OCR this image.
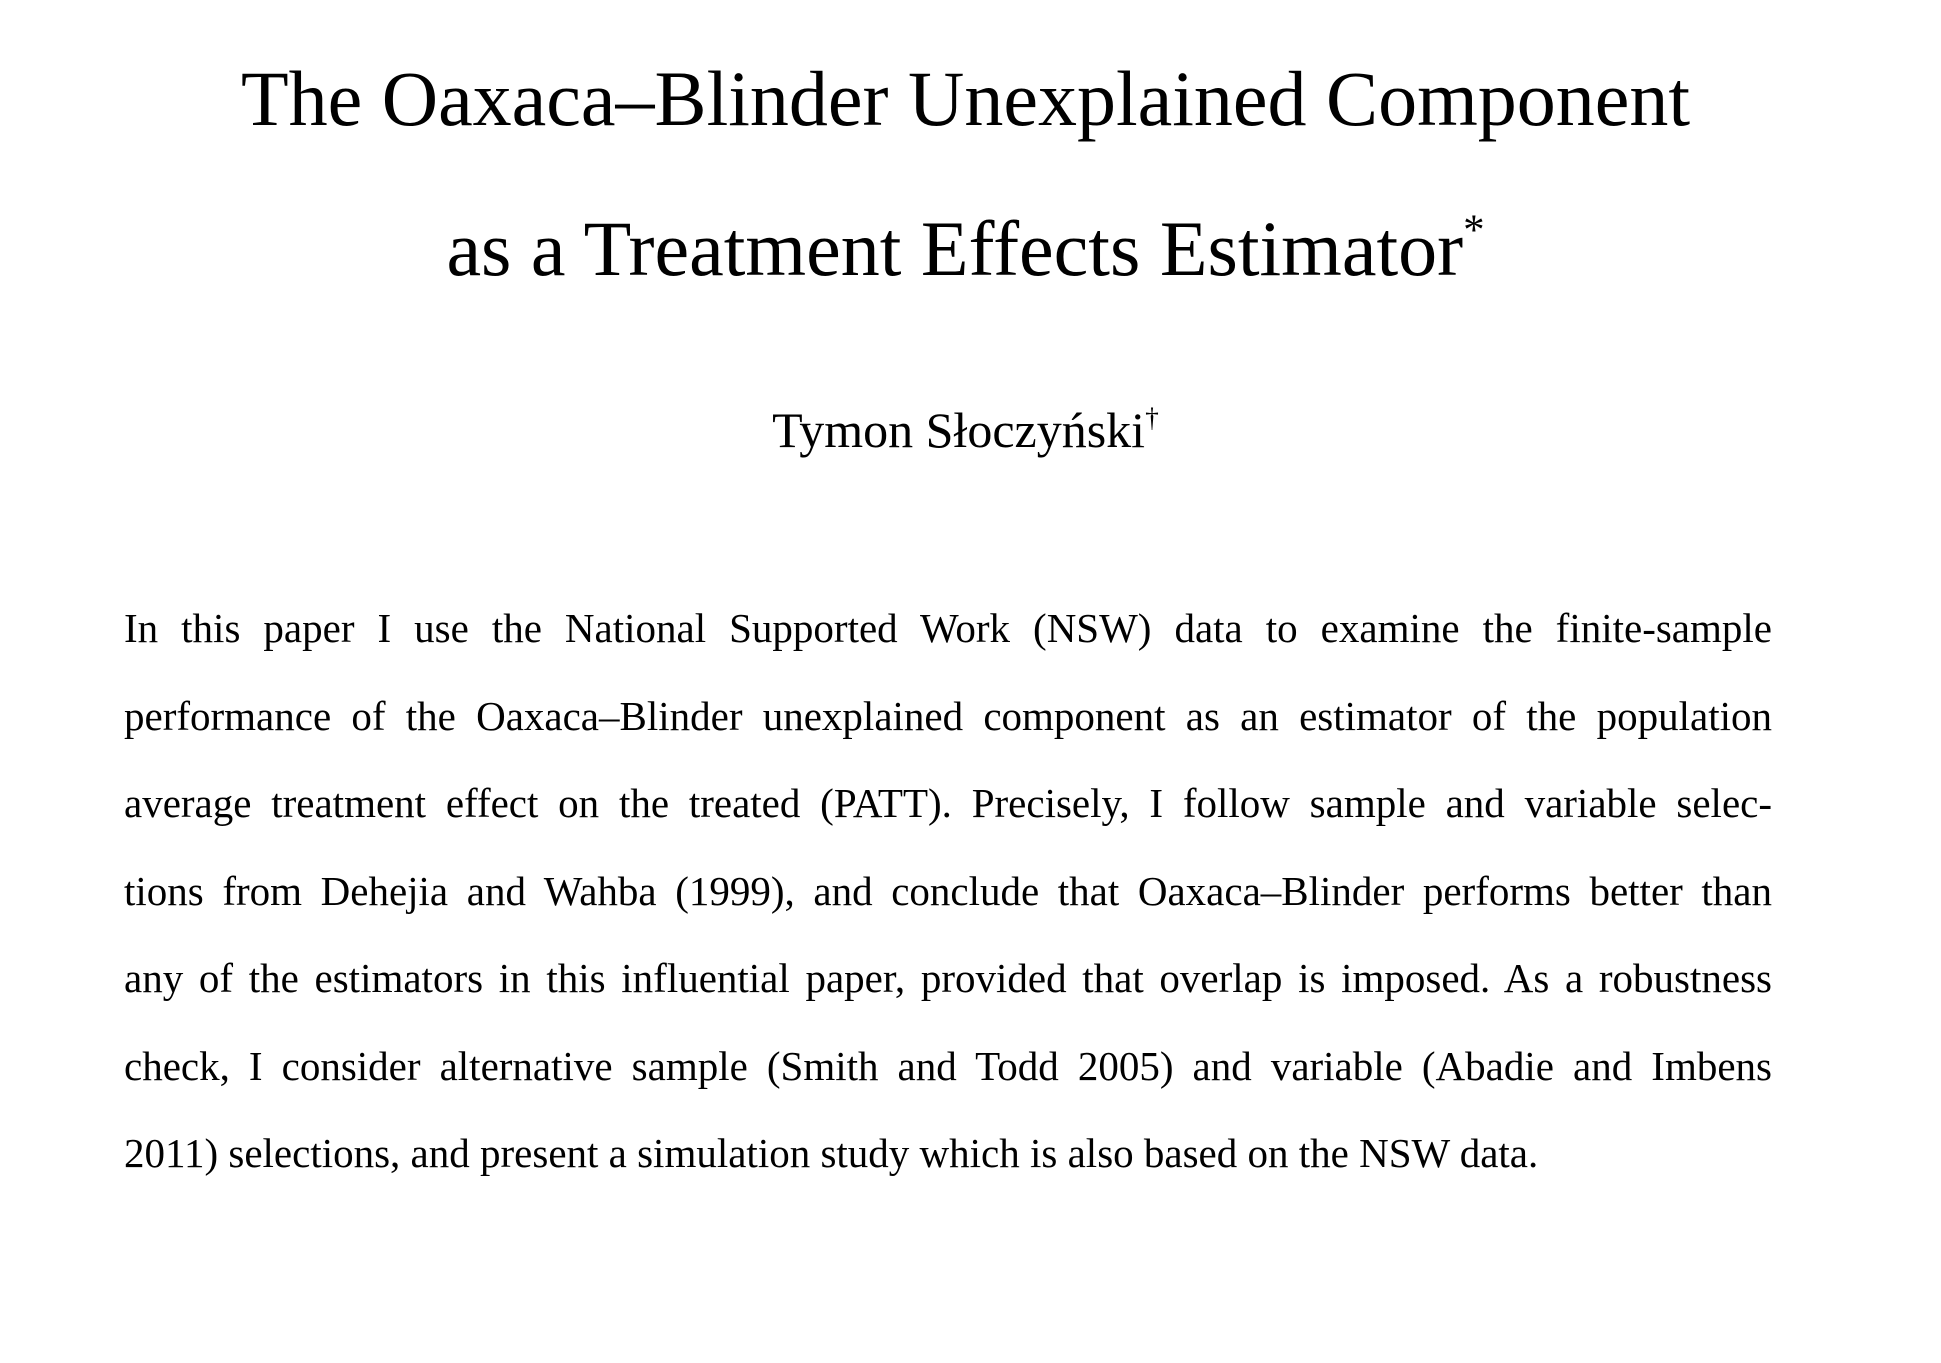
The Oaxaca–Blinder Unexplained Component
as a Treatment Effects Estimator*
Tymon Słoczyński†
In this paper I use the National Supported Work (NSW) data to examine the finite-sample
performance of the Oaxaca–Blinder unexplained component as an estimator of the population
average treatment effect on the treated (PATT). Precisely, I follow sample and variable selec-
tions from Dehejia and Wahba (1999), and conclude that Oaxaca–Blinder performs better than
any of the estimators in this influential paper, provided that overlap is imposed. As a robustness
check, I consider alternative sample (Smith and Todd 2005) and variable (Abadie and Imbens
2011) selections, and present a simulation study which is also based on the NSW data.
